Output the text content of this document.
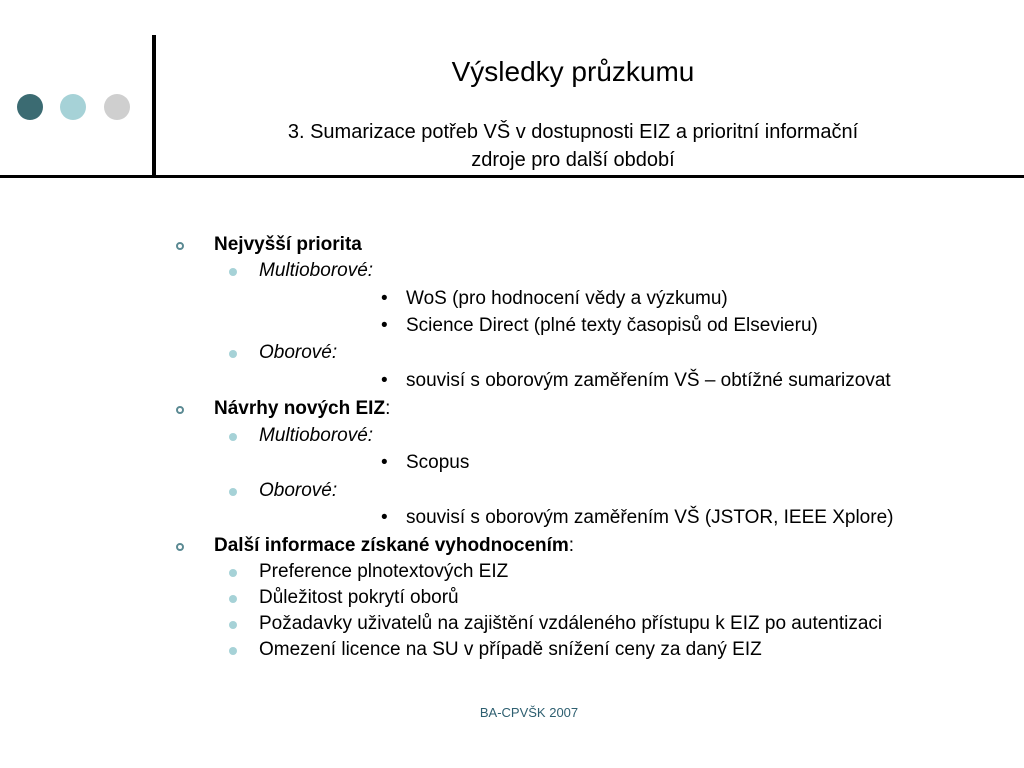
Výsledky průzkumu
3. Sumarizace potřeb VŠ v dostupnosti EIZ a prioritní informační
zdroje pro další období
Nejvyšší priorita
Multioborové:
• WoS (pro hodnocení vědy a výzkumu)
• Science Direct (plné texty časopisů od Elsevieru)
Oborové:
• souvisí s oborovým zaměřením VŠ – obtížné sumarizovat
Návrhy nových EIZ:
Multioborové:
• Scopus
Oborové:
• souvisí s oborovým zaměřením VŠ (JSTOR, IEEE Xplore)
Další informace získané vyhodnocením:
Preference plnotextových EIZ
Důležitost pokrytí oborů
Požadavky uživatelů na zajištění vzdáleného přístupu k EIZ po autentizaci
Omezení licence na SU v případě snížení ceny za daný EIZ
BA-CPVŠK 2007
